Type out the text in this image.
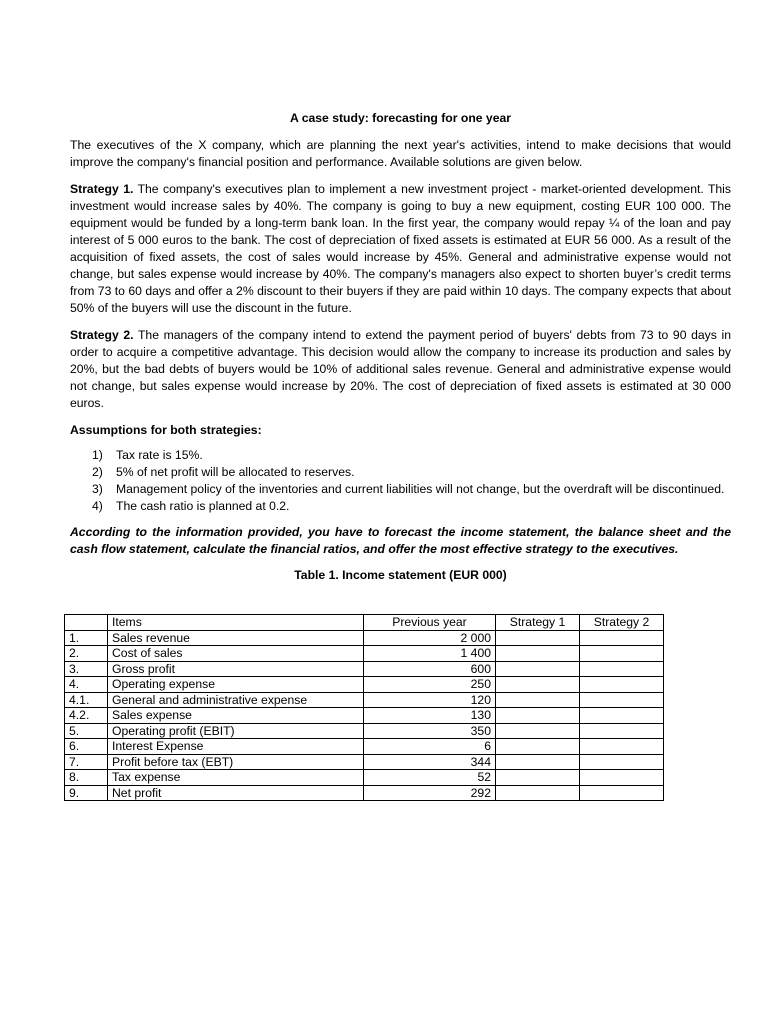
A case study: forecasting for one year

The executives of the X company, which are planning the next year's activities, intend to make decisions that would improve the company's financial position and performance. Available solutions are given below.

Strategy 1. The company's executives plan to implement a new investment project - market-oriented development. This investment would increase sales by 40%. The company is going to buy a new equipment, costing EUR 100 000. The equipment would be funded by a long-term bank loan. In the first year, the company would repay ¼ of the loan and pay interest of 5 000 euros to the bank. The cost of depreciation of fixed assets is estimated at EUR 56 000. As a result of the acquisition of fixed assets, the cost of sales would increase by 45%. General and administrative expense would not change, but sales expense would increase by 40%. The company's managers also expect to shorten buyer’s credit terms from 73 to 60 days and offer a 2% discount to their buyers if they are paid within 10 days. The company expects that about 50% of the buyers will use the discount in the future.

Strategy 2. The managers of the company intend to extend the payment period of buyers' debts from 73 to 90 days in order to acquire a competitive advantage. This decision would allow the company to increase its production and sales by 20%, but the bad debts of buyers would be 10% of additional sales revenue. General and administrative expense would not change, but sales expense would increase by 20%. The cost of depreciation of fixed assets is estimated at 30 000 euros.

Assumptions for both strategies:
1) Tax rate is 15%.
2) 5% of net profit will be allocated to reserves.
3) Management policy of the inventories and current liabilities will not change, but the overdraft will be discontinued.
4) The cash ratio is planned at 0.2.
According to the information provided, you have to forecast the income statement, the balance sheet and the cash flow statement, calculate the financial ratios, and offer the most effective strategy to the executives.
Table 1. Income statement (EUR 000)
	Items	Previous year	Strategy 1	Strategy 2
1.	Sales revenue	2 000		
2.	Cost of sales	1 400		
3.	Gross profit	600		
4.	Operating expense	250		
4.1.	General and administrative expense	120		
4.2.	Sales expense	130		
5.	Operating profit (EBIT)	350		
6.	Interest Expense	6		
7.	Profit before tax (EBT)	344		
8.	Tax expense	52		
9.	Net profit	292		
